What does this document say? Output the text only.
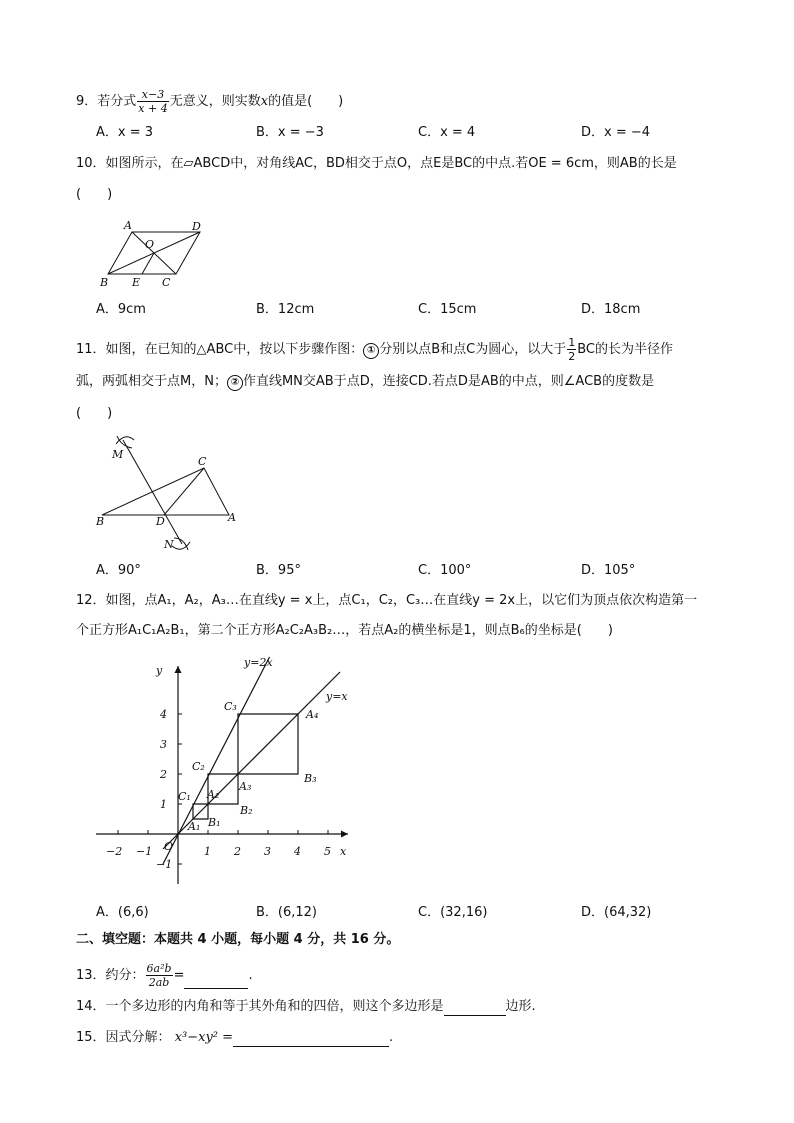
9．若分式 $\frac{x-3}{x + 4}$ 无意义，则实数x的值是(　　)
A．x = 3	B．x = −3	C．x = 4	D．x = −4
10．如图所示，在▱ABCD中，对角线AC，BD相交于点O，点E是BC的中点.若OE = 6cm，则AB的长是
(　　)
A	D
O
B E C
A．9cm	B．12cm	C．15cm	D．18cm
11．如图，在已知的△ABC中，按以下步骤作图： ① 分别以点B和点C为圆心，以大于 $\frac{1}{2}$ BC的长为半径作
弧，两弧相交于点M，N； ② 作直线MN交AB于点D，连接CD.若点D是AB的中点，则∠ACB的度数是
(　　)
M
C
B	D	A
N
A．90°	B．95°	C．100°	D．105°
12．如图，点A₁，A₂，A₃…在直线y = x上，点C₁，C₂，C₃…在直线y = 2x上，以它们为顶点依次构造第一
个正方形A₁C₁A₂B₁，第二个正方形A₂C₂A₃B₂…，若点A₂的横坐标是1，则点B₆的坐标是(　　)
y=2x
y=x
x
y
O
−2 −1	1 2 3 4 5
−1
1
2
3
4
C₃
A₄
C₂
A₃
B₃
C₁ A₂
B₂
A₁ B₁
A．(6,6)	B．(6,12)	C．(32,16)	D．(64,32)
二、填空题：本题共 4 小题，每小题 4 分，共 16 分。
13．约分： $\frac{\text{6a²b}}{2ab}$ =	.
14．一个多边形的内角和等于其外角和的四倍，则这个多边形是	边形.
15．因式分解： x³−xy² =	.
